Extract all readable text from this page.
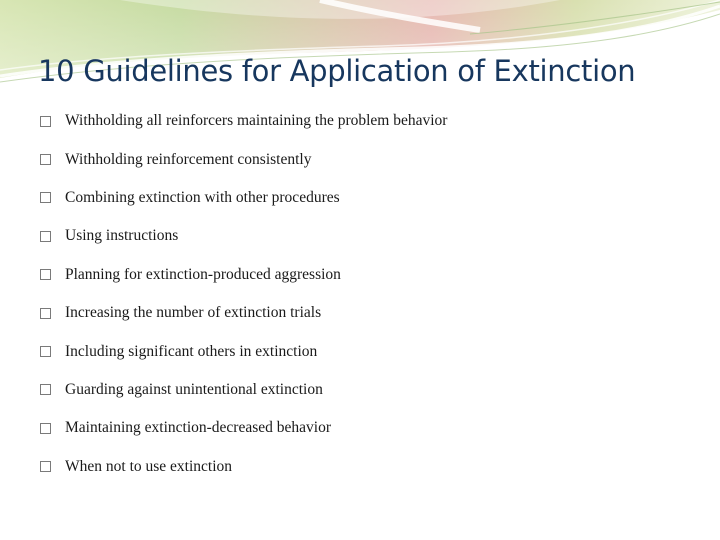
10 Guidelines for Application of Extinction
Withholding all reinforcers maintaining the problem behavior
Withholding reinforcement consistently
Combining extinction with other procedures
Using instructions
Planning for extinction-produced aggression
Increasing the number of extinction trials
Including significant others in extinction
Guarding against unintentional extinction
Maintaining extinction-decreased behavior
When not to use extinction
